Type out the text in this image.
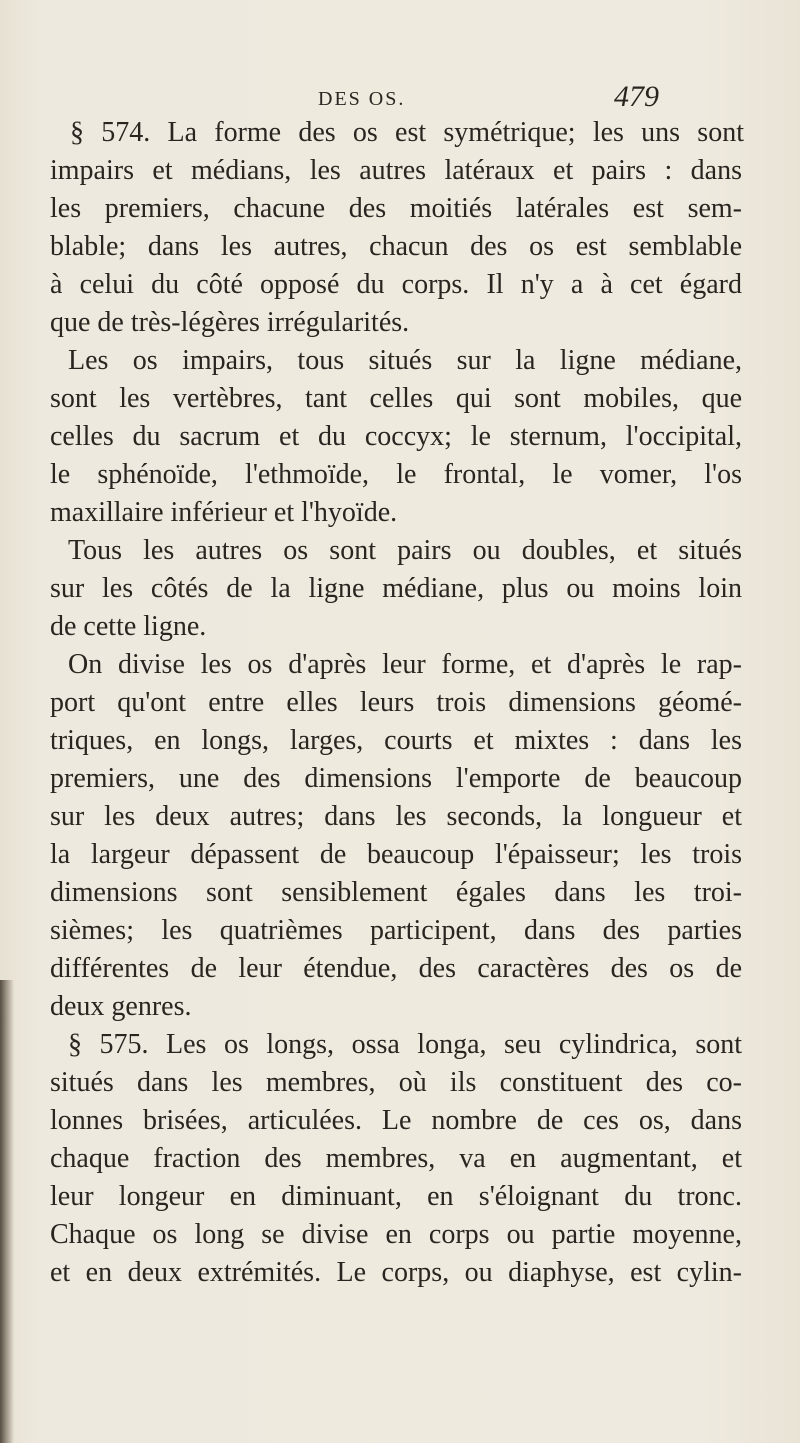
DES OS.	479
§ 574. La forme des os est symétrique; les uns sont
impairs et médians, les autres latéraux et pairs : dans
les premiers, chacune des moitiés latérales est sem-
blable; dans les autres, chacun des os est semblable
à celui du côté opposé du corps. Il n'y a à cet égard
que de très-légères irrégularités.
Les os impairs, tous situés sur la ligne médiane,
sont les vertèbres, tant celles qui sont mobiles, que
celles du sacrum et du coccyx; le sternum, l'occipital,
le sphénoïde, l'ethmoïde, le frontal, le vomer, l'os
maxillaire inférieur et l'hyoïde.
Tous les autres os sont pairs ou doubles, et situés
sur les côtés de la ligne médiane, plus ou moins loin
de cette ligne.
On divise les os d'après leur forme, et d'après le rap-
port qu'ont entre elles leurs trois dimensions géomé-
triques, en longs, larges, courts et mixtes : dans les
premiers, une des dimensions l'emporte de beaucoup
sur les deux autres; dans les seconds, la longueur et
la largeur dépassent de beaucoup l'épaisseur; les trois
dimensions sont sensiblement égales dans les troi-
sièmes; les quatrièmes participent, dans des parties
différentes de leur étendue, des caractères des os de
deux genres.
§ 575. Les os longs, ossa longa, seu cylindrica, sont
situés dans les membres, où ils constituent des co-
lonnes brisées, articulées. Le nombre de ces os, dans
chaque fraction des membres, va en augmentant, et
leur longeur en diminuant, en s'éloignant du tronc.
Chaque os long se divise en corps ou partie moyenne,
et en deux extrémités. Le corps, ou diaphyse, est cylin-
